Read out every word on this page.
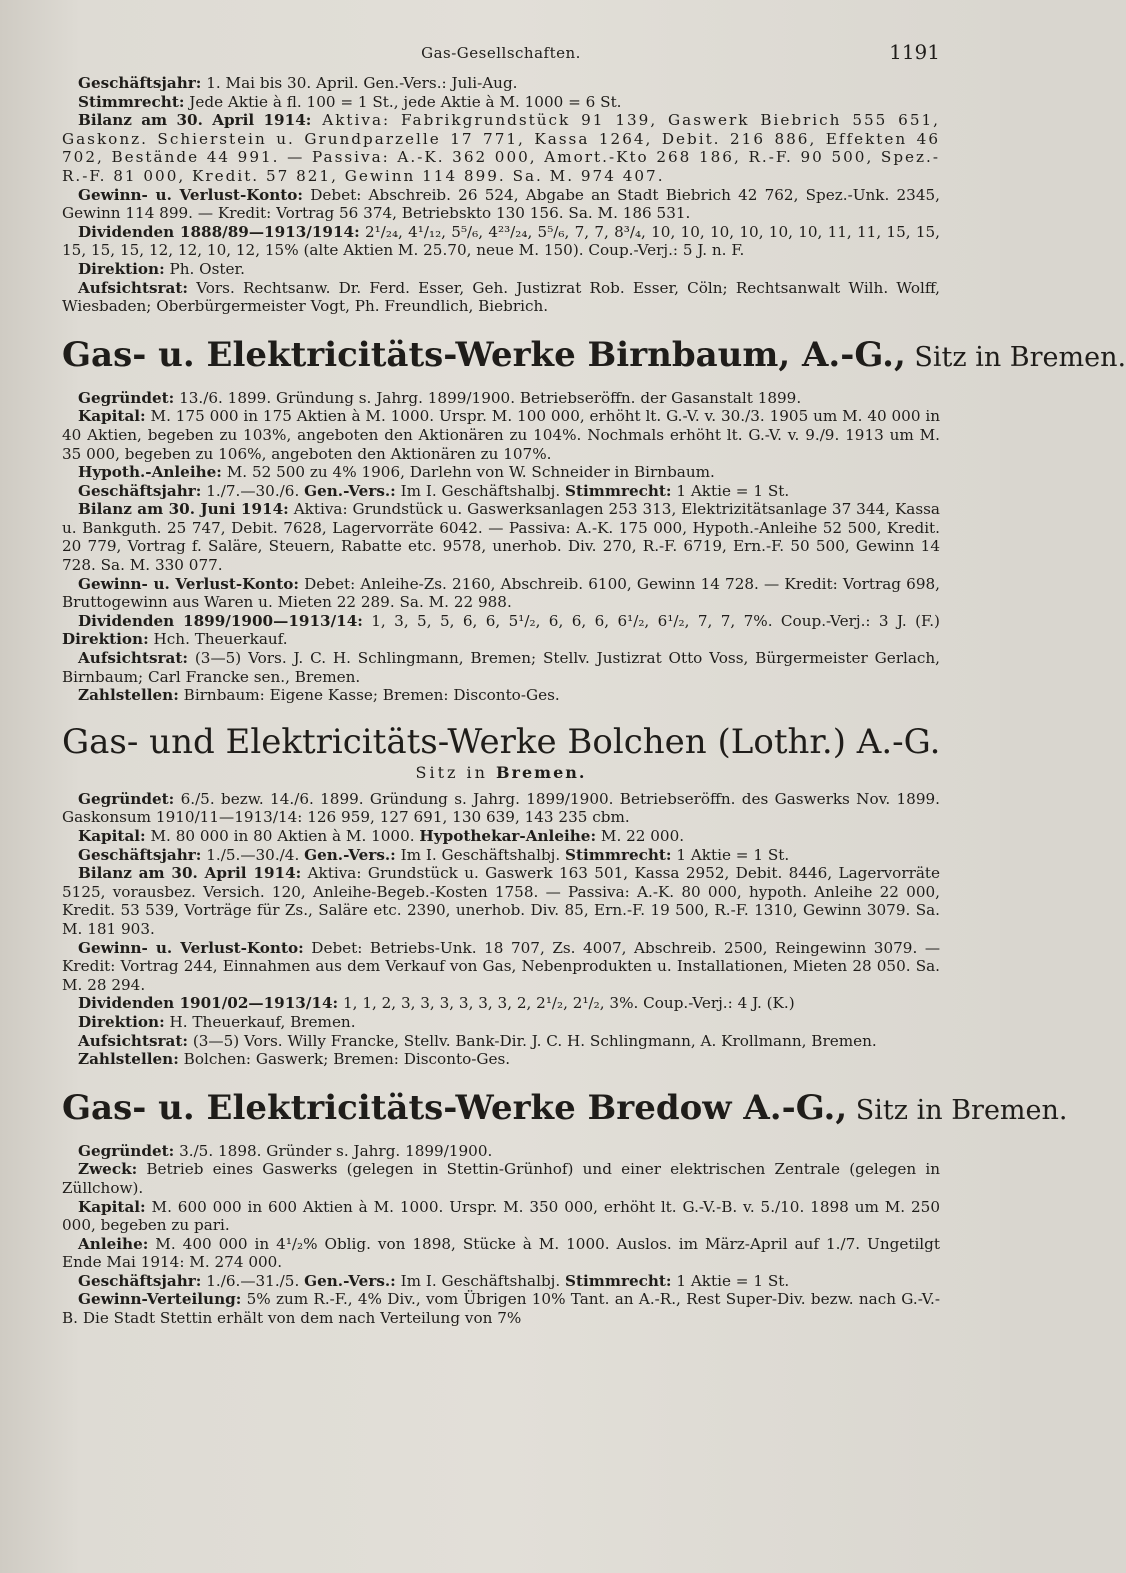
Gas-Gesellschaften.	1191

Geschäftsjahr: 1. Mai bis 30. April. Gen.-Vers.: Juli-Aug.

Stimmrecht: Jede Aktie à fl. 100 = 1 St., jede Aktie à M. 1000 = 6 St.

Bilanz am 30. April 1914: Aktiva: Fabrikgrundstück 91 139, Gaswerk Biebrich 555 651, Gaskonz. Schierstein u. Grundparzelle 17 771, Kassa 1264, Debit. 216 886, Effekten 46 702, Bestände 44 991. — Passiva: A.-K. 362 000, Amort.-Kto 268 186, R.-F. 90 500, Spez.-R.-F. 81 000, Kredit. 57 821, Gewinn 114 899. Sa. M. 974 407.

Gewinn- u. Verlust-Konto: Debet: Abschreib. 26 524, Abgabe an Stadt Biebrich 42 762, Spez.-Unk. 2345, Gewinn 114 899. — Kredit: Vortrag 56 374, Betriebskto 130 156. Sa. M. 186 531.

Dividenden 1888/89—1913/1914: 2¹/₂₄, 4¹/₁₂, 5⁵/₆, 4²³/₂₄, 5⁵/₆, 7, 7, 8³/₄, 10, 10, 10, 10, 10, 10, 11, 11, 15, 15, 15, 15, 15, 12, 12, 10, 12, 15% (alte Aktien M. 25.70, neue M. 150). Coup.-Verj.: 5 J. n. F.

Direktion: Ph. Oster.

Aufsichtsrat: Vors. Rechtsanw. Dr. Ferd. Esser, Geh. Justizrat Rob. Esser, Cöln; Rechtsanwalt Wilh. Wolff, Wiesbaden; Oberbürgermeister Vogt, Ph. Freundlich, Biebrich.

Gas- u. Elektricitäts-Werke Birnbaum, A.-G., Sitz in Bremen.

Gegründet: 13./6. 1899. Gründung s. Jahrg. 1899/1900. Betriebseröffn. der Gasanstalt 1899.

Kapital: M. 175 000 in 175 Aktien à M. 1000. Urspr. M. 100 000, erhöht lt. G.-V. v. 30./3. 1905 um M. 40 000 in 40 Aktien, begeben zu 103%, angeboten den Aktionären zu 104%. Nochmals erhöht lt. G.-V. v. 9./9. 1913 um M. 35 000, begeben zu 106%, angeboten den Aktionären zu 107%.

Hypoth.-Anleihe: M. 52 500 zu 4% 1906, Darlehn von W. Schneider in Birnbaum.

Geschäftsjahr: 1./7.—30./6. Gen.-Vers.: Im I. Geschäftshalbj. Stimmrecht: 1 Aktie = 1 St.

Bilanz am 30. Juni 1914: Aktiva: Grundstück u. Gaswerksanlagen 253 313, Elektrizitätsanlage 37 344, Kassa u. Bankguth. 25 747, Debit. 7628, Lagervorräte 6042. — Passiva: A.-K. 175 000, Hypoth.-Anleihe 52 500, Kredit. 20 779, Vortrag f. Saläre, Steuern, Rabatte etc. 9578, unerhob. Div. 270, R.-F. 6719, Ern.-F. 50 500, Gewinn 14 728. Sa. M. 330 077.

Gewinn- u. Verlust-Konto: Debet: Anleihe-Zs. 2160, Abschreib. 6100, Gewinn 14 728. — Kredit: Vortrag 698, Bruttogewinn aus Waren u. Mieten 22 289. Sa. M. 22 988.

Dividenden 1899/1900—1913/14: 1, 3, 5, 5, 6, 6, 5¹/₂, 6, 6, 6, 6¹/₂, 6¹/₂, 7, 7, 7%. Coup.-Verj.: 3 J. (F.) Direktion: Hch. Theuerkauf.

Aufsichtsrat: (3—5) Vors. J. C. H. Schlingmann, Bremen; Stellv. Justizrat Otto Voss, Bürgermeister Gerlach, Birnbaum; Carl Francke sen., Bremen.

Zahlstellen: Birnbaum: Eigene Kasse; Bremen: Disconto-Ges.

Gas- und Elektricitäts-Werke Bolchen (Lothr.) A.-G.
Sitz in Bremen.

Gegründet: 6./5. bezw. 14./6. 1899. Gründung s. Jahrg. 1899/1900. Betriebseröffn. des Gaswerks Nov. 1899. Gaskonsum 1910/11—1913/14: 126 959, 127 691, 130 639, 143 235 cbm.

Kapital: M. 80 000 in 80 Aktien à M. 1000. Hypothekar-Anleihe: M. 22 000.

Geschäftsjahr: 1./5.—30./4. Gen.-Vers.: Im I. Geschäftshalbj. Stimmrecht: 1 Aktie = 1 St.

Bilanz am 30. April 1914: Aktiva: Grundstück u. Gaswerk 163 501, Kassa 2952, Debit. 8446, Lagervorräte 5125, vorausbez. Versich. 120, Anleihe-Begeb.-Kosten 1758. — Passiva: A.-K. 80 000, hypoth. Anleihe 22 000, Kredit. 53 539, Vorträge für Zs., Saläre etc. 2390, unerhob. Div. 85, Ern.-F. 19 500, R.-F. 1310, Gewinn 3079. Sa. M. 181 903.

Gewinn- u. Verlust-Konto: Debet: Betriebs-Unk. 18 707, Zs. 4007, Abschreib. 2500, Reingewinn 3079. — Kredit: Vortrag 244, Einnahmen aus dem Verkauf von Gas, Nebenprodukten u. Installationen, Mieten 28 050. Sa. M. 28 294.

Dividenden 1901/02—1913/14: 1, 1, 2, 3, 3, 3, 3, 3, 3, 2, 2¹/₂, 2¹/₂, 3%. Coup.-Verj.: 4 J. (K.)

Direktion: H. Theuerkauf, Bremen.

Aufsichtsrat: (3—5) Vors. Willy Francke, Stellv. Bank-Dir. J. C. H. Schlingmann, A. Krollmann, Bremen.

Zahlstellen: Bolchen: Gaswerk; Bremen: Disconto-Ges.

Gas- u. Elektricitäts-Werke Bredow A.-G., Sitz in Bremen.

Gegründet: 3./5. 1898. Gründer s. Jahrg. 1899/1900.

Zweck: Betrieb eines Gaswerks (gelegen in Stettin-Grünhof) und einer elektrischen Zentrale (gelegen in Züllchow).

Kapital: M. 600 000 in 600 Aktien à M. 1000. Urspr. M. 350 000, erhöht lt. G.-V.-B. v. 5./10. 1898 um M. 250 000, begeben zu pari.

Anleihe: M. 400 000 in 4¹/₂% Oblig. von 1898, Stücke à M. 1000. Auslos. im März-April auf 1./7. Ungetilgt Ende Mai 1914: M. 274 000.

Geschäftsjahr: 1./6.—31./5. Gen.-Vers.: Im I. Geschäftshalbj. Stimmrecht: 1 Aktie = 1 St.

Gewinn-Verteilung: 5% zum R.-F., 4% Div., vom Übrigen 10% Tant. an A.-R., Rest Super-Div. bezw. nach G.-V.-B. Die Stadt Stettin erhält von dem nach Verteilung von 7%
